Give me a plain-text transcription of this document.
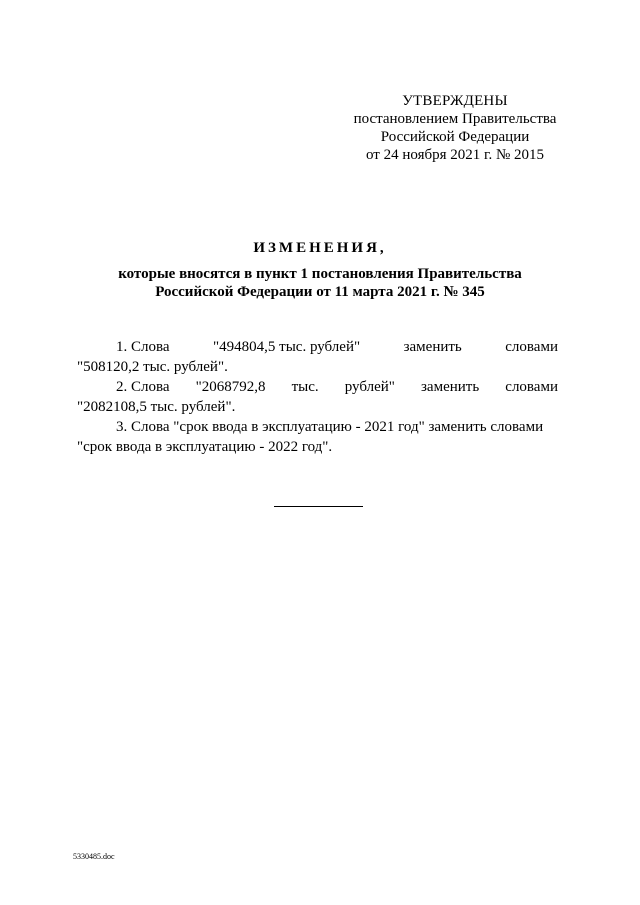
УТВЕРЖДЕНЫ
постановлением Правительства
Российской Федерации
от 24 ноября 2021 г. № 2015
ИЗМЕНЕНИЯ,
которые вносятся в пункт 1 постановления Правительства
Российской Федерации от 11 марта 2021 г. № 345
1. Слова	"494804,5 тыс. рублей"	заменить	словами
"508120,2 тыс. рублей".
2. Слова "2068792,8 тыс. рублей" заменить словами
"2082108,5 тыс. рублей".
3. Слова "срок ввода в эксплуатацию - 2021 год" заменить словами
"срок ввода в эксплуатацию - 2022 год".
5330485.doc
